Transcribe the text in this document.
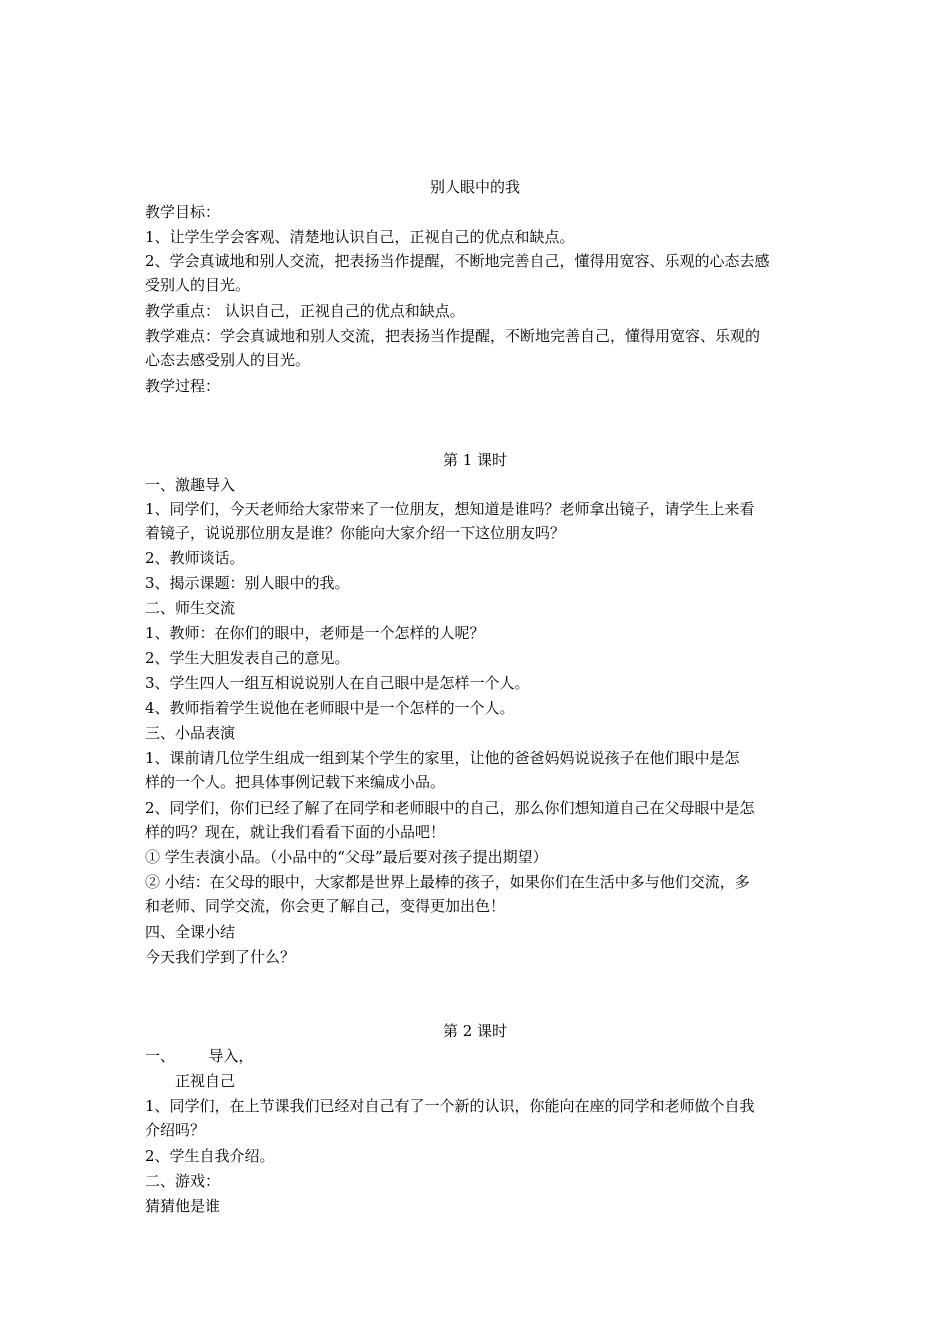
别人眼中的我
教学目标：
1、让学生学会客观、清楚地认识自己，正视自己的优点和缺点。
2、学会真诚地和别人交流，把表扬当作提醒，不断地完善自己，懂得用宽容、乐观的心态去感
受别人的目光。
教学重点： 认识自己，正视自己的优点和缺点。
教学难点：学会真诚地和别人交流，把表扬当作提醒，不断地完善自己，懂得用宽容、乐观的
心态去感受别人的目光。
教学过程：
第 1 课时
一、激趣导入
1、同学们，今天老师给大家带来了一位朋友，想知道是谁吗？老师拿出镜子，请学生上来看
着镜子，说说那位朋友是谁？你能向大家介绍一下这位朋友吗？
2、教师谈话。
3、揭示课题：别人眼中的我。
二、师生交流
1、教师：在你们的眼中，老师是一个怎样的人呢？
2、学生大胆发表自己的意见。
3、学生四人一组互相说说别人在自己眼中是怎样一个人。
4、教师指着学生说他在老师眼中是一个怎样的一个人。
三、小品表演
1、课前请几位学生组成一组到某个学生的家里，让他的爸爸妈妈说说孩子在他们眼中是怎
样的一个人。把具体事例记载下来编成小品。
2、同学们，你们已经了解了在同学和老师眼中的自己，那么你们想知道自己在父母眼中是怎
样的吗？现在，就让我们看看下面的小品吧！
① 学生表演小品。（小品中的“父母”最后要对孩子提出期望）
② 小结：在父母的眼中，大家都是世界上最棒的孩子，如果你们在生活中多与他们交流，多
和老师、同学交流，你会更了解自己，变得更加出色！
四、全课小结
今天我们学到了什么？
第 2 课时
一、       导入，
正视自己
1、同学们，在上节课我们已经对自己有了一个新的认识，你能向在座的同学和老师做个自我
介绍吗？
2、学生自我介绍。
二、游戏：
猜猜他是谁
